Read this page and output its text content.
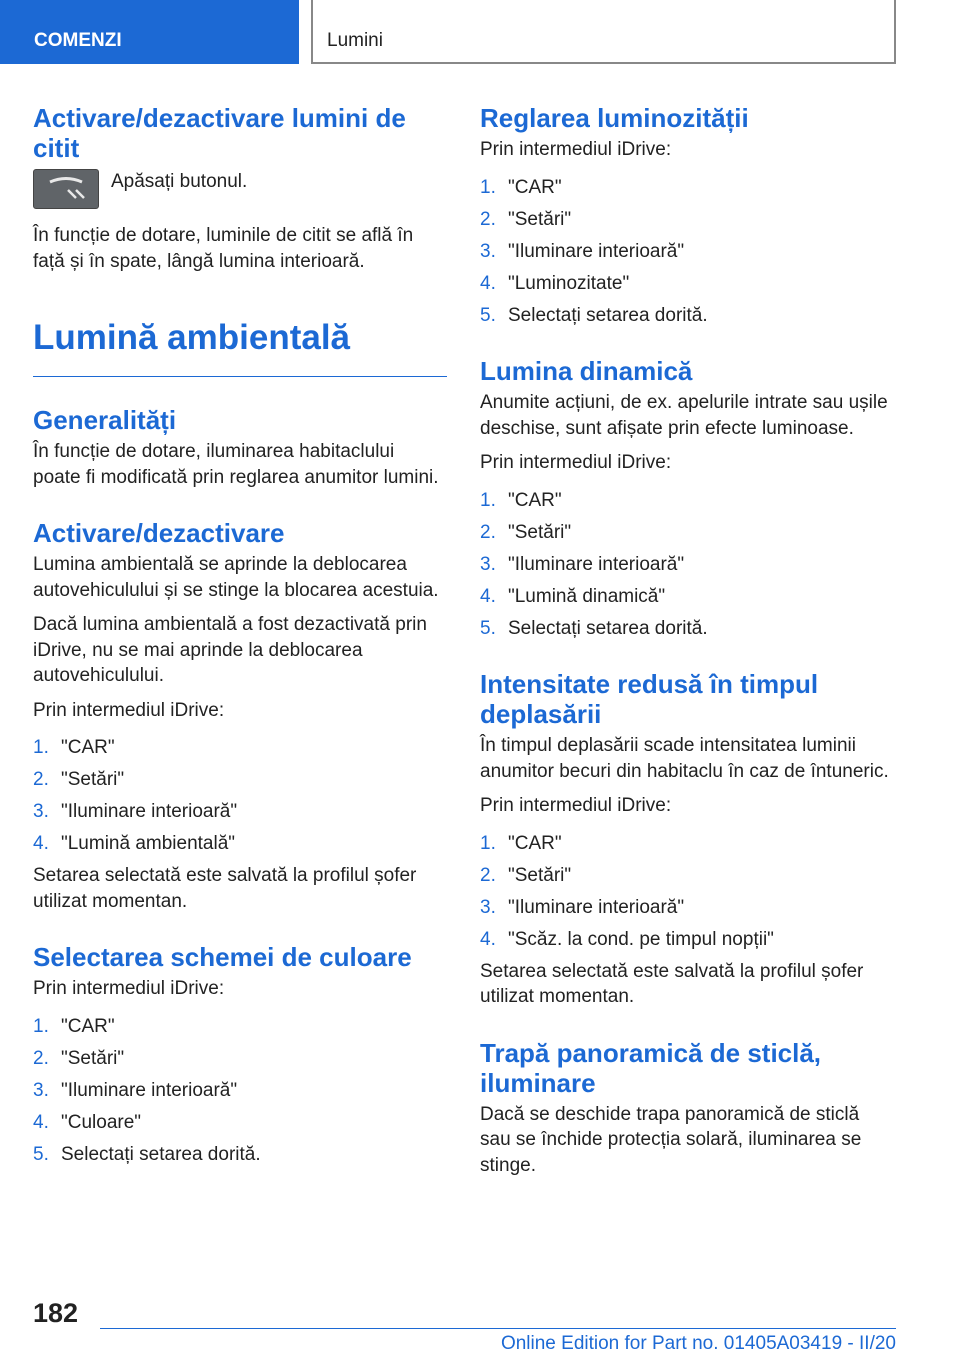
COMENZI	Lumini
Activare/dezactivare lumini de citit
Apăsați butonul.

În funcție de dotare, luminile de citit se află în față și în spate, lângă lumina interioară.

Lumină ambientală
Generalități

În funcție de dotare, iluminarea habitaclului poate fi modificată prin reglarea anumitor lumini.

Activare/dezactivare

Lumina ambientală se aprinde la deblocarea autovehiculului și se stinge la blocarea acestuia.

Dacă lumina ambientală a fost dezactivată prin iDrive, nu se mai aprinde la deblocarea autovehiculului.

Prin intermediul iDrive:

1. "CAR"
2. "Setări"
3. "Iluminare interioară"
4. "Lumină ambientală"

Setarea selectată este salvată la profilul șofer utilizat momentan.

Selectarea schemei de culoare

Prin intermediul iDrive:

1. "CAR"
2. "Setări"
3. "Iluminare interioară"
4. "Culoare"
5. Selectați setarea dorită.
Reglarea luminozității

Prin intermediul iDrive:

1. "CAR"
2. "Setări"
3. "Iluminare interioară"
4. "Luminozitate"
5. Selectați setarea dorită.
Lumina dinamică

Anumite acțiuni, de ex. apelurile intrate sau ușile deschise, sunt afișate prin efecte luminoase.

Prin intermediul iDrive:

1. "CAR"
2. "Setări"
3. "Iluminare interioară"
4. "Lumină dinamică"
5. Selectați setarea dorită.
Intensitate redusă în timpul deplasării

În timpul deplasării scade intensitatea luminii anumitor becuri din habitaclu în caz de întuneric.

Prin intermediul iDrive:

1. "CAR"
2. "Setări"
3. "Iluminare interioară"
4. "Scăz. la cond. pe timpul nopții"

Setarea selectată este salvată la profilul șofer utilizat momentan.

Trapă panoramică de sticlă, iluminare

Dacă se deschide trapa panoramică de sticlă sau se închide protecția solară, iluminarea se stinge.

182
Online Edition for Part no. 01405A03419 - II/20
